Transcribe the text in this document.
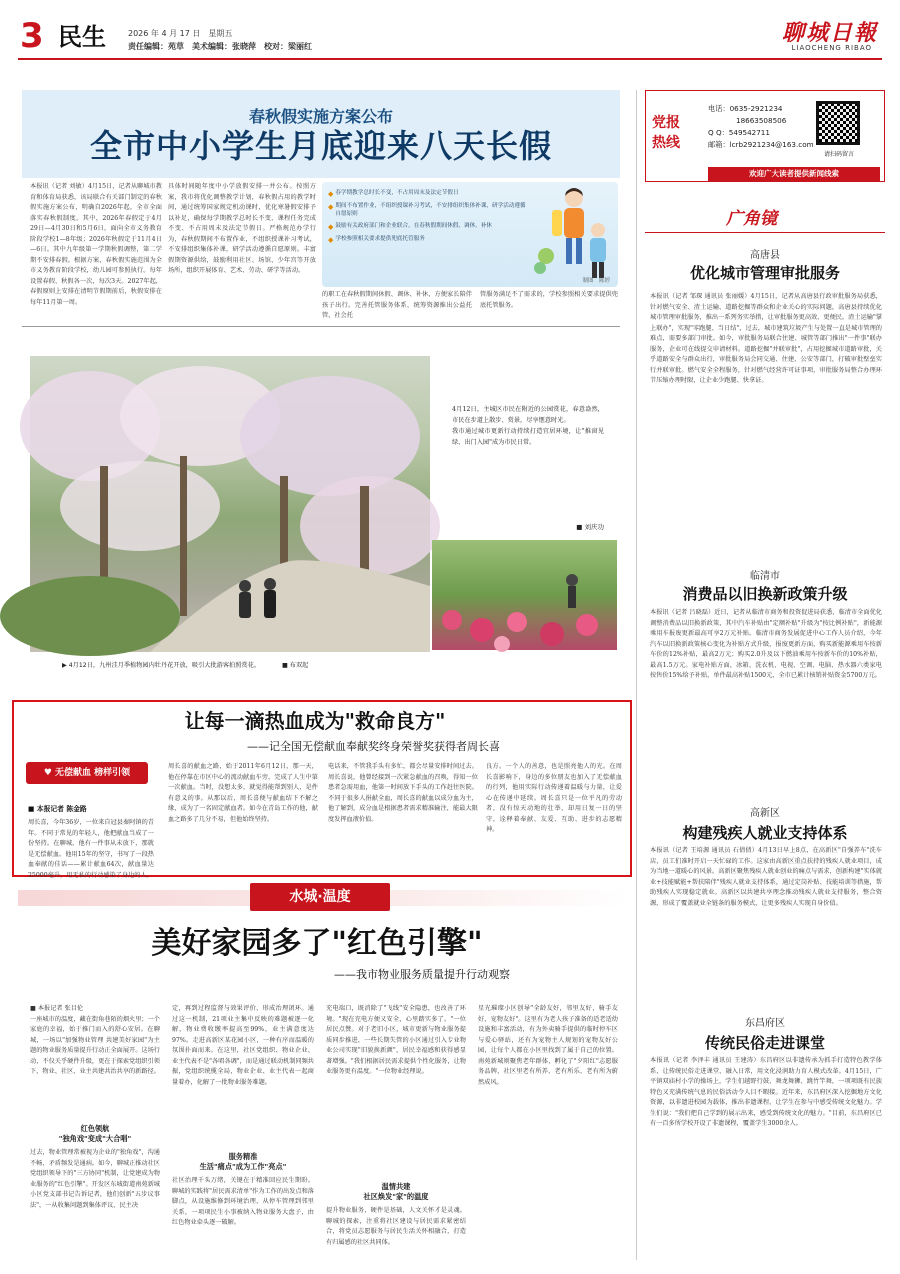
3 民生	2026 年 4 月 17 日　星期五
责任编辑：苑草　美术编辑：张晓萍　校对：梁丽红
聊城日報
LIAOCHENG RIBAO
春秋假实施方案公布
全市中小学生月底迎来八天长假
本报讯（记者 刘敏）4月15日，记者从聊城市教育和体育局获悉，该局联合有关部门制定的春秋假实施方案公布，明确自2026年起，全市全面落实春秋假制度。其中，2026年春假定于4月29日—4月30日和5月6日，面向全市义务教育阶段学校1—8年级；2026年秋假定于11月4日—6日。其中九年级第一学期秋假调整，第二学期不安排春假。根据方案，春秋假实施范围为全市义务教育阶段学校，幼儿园可参照执行。每年设置春假、秋假各一次，每次3天。2027年起，春假原则上安排在清明节假期前后，秋假安排在每年11月第一周。
具体时间随年度中小学放假安排一并公布。按照方案，我市将优化调整教学计划，春秋假占用的教学时间，通过统筹国家规定机动课时，优化寒暑假安排予以补足，确保每学期教学总时长不变、课程任务完成不变、不占用周末及法定节假日。严格规范办学行为，春秋假期间不布置作业，不组织授课补习考试，不安排组织集体补课，研学活动遵循自愿原则。丰富假期资源供给，鼓励利用社区、场馆、少年宫等开放场所，组织开展体育、艺术、劳动、研学等活动。
◆ 春学期教学总时长不变，不占用周末及法定节假日
◆ 期间不布置作业，不组织授课补习考试，不安排组织集体补课，研学活动遵循自愿原则
◆ 鼓励有关政府部门和企业联合，在春秋假期间休假、调休、补休
◆ 学校参照相关要求提供兜底托管服务
制图　陈婷
的职工在春秋假期间休假、调休、补休，方便家长陪伴孩子出行。完善托管服务体系，统筹资源推出公益托管，社会托
管服务满足不了需求的，学校参照相关要求提供兜底托管服务。
4月12日，主城区市民在附近的公园赏花，春意盎然，市民在步道上散步、赏景，尽享惬意时光。
我市通过城市更新行动持续打造宜居环境，让"推窗见绿、出门入园"成为市民日常。
■ 刘庆功
▶ 4月12日，九州洼月季植物园内牡丹花开放，吸引大批游客拍照赏花。	■ 布双起
让每一滴热血成为"救命良方"
——记全国无偿献血奉献奖终身荣誉奖获得者周长喜
♥ 无偿献血 榜样引领
■ 本报记者 陈金路
周长喜，今年36岁，一位来自冠县秦阿镇的青年。不同于常见的年轻人，他把献血当成了一份坚持。在聊城，他有一件事从未放下，那就是无偿献血。他用15年的坚守，书写了一段热血奉献的佳话——累计献血64次，献血量达25000毫升，用无私的行动感染了身边的人。
周长喜的献血之路，始于2011年6月12日，那一天，他在停靠在市区中心的流动献血车旁，完成了人生中第一次献血。当时，没想太多，就觉得能帮到别人，是件有意义的事。从那以后，周长喜便与献血结下不解之缘，成为了一名固定献血者。如今在青岛工作的他，献血之路多了几分不易，但他始终坚持。
电话来，不管我手头有多忙，都会尽量安排时间过去。周长喜说，他曾经接到一次紧急献血的召唤，得知一位患者急需用血，他第一时间放下手头的工作赶往医院。不同于很多人捐献全血，周长喜的献血以成分血为主，他了解到，成分血是根据患者需求精准输注，能最大限度发挥血液价值。
良方。一个人的善意，也是照亮他人的光。在周长喜影响下，身边的多位朋友也加入了无偿献血的行列，他用实际行动传递着温暖与力量，让爱心在传递中延续。周长喜只是一位平凡的劳动者，没有惊天动地的壮举，却用日复一日的坚守，诠释着奉献、友爱、互助、进步的志愿精神。
水城·温度
美好家园多了"红色引擎"
——我市物业服务质量提升行动观察
■ 本报记者 张目伦
一座城市的温度，藏在街角巷陌的烟火里；一个家庭的幸福，始于推门而入的舒心安居。在聊城，一场以"加强物业管理 共建美好家园"为主题的物业服务质量提升行动正全面展开。这场行动，不仅关乎硬件升级，更在于探索党组织引领下，物业、社区、业主共建共治共享的新路径。
红色领航
"独角戏"变成"大合唱"
过去，物业管理常被视为企业的"独角戏"，沟通不畅、矛盾频发是通病。如今，聊城正推动社区党组织领导下的"三方协同"机制，让党建成为物业服务的"红色引擎"。开发区东城街道南苑新城小区党支部书记告诉记者，他们创新"五步议事法"，一从收集问题到集体评议、民主决
定，再到过程监督与效果评价，形成治理闭环。通过这一机制，21项业主集中反映的难题被逐一化解，物业费收缴率提高至99%，业主满意度达97%。走进高新区某花园小区，一种有序而温暖的氛围扑面而来。在这里，社区党组织、物业企业、业主代表不是"各唱各调"，而是通过联动机制同频共振，党组织统揽全局，物业企业、业主代表一起商量着办，化解了一批物业服务难题。
服务精准
生活"痛点"成为工作"亮点"
社区治理千头万绪，关键在于精准回应民生期盼。聊城的实践将"居民需求清单"作为工作的出发点和落脚点，从设施维修到环境治理，从停车管理到邻里关系，一项项民生小事被纳入物业服务大盘子，由红色物业牵头逐一破解。
充电端口，既消除了"飞线"安全隐患，也改善了环境。"现在充电方便又安全，心里踏实多了。"一位居民点赞。对于老旧小区，城市更新与物业服务提质同步推进，一些长期失管的小区通过引入专业物业公司实现"旧貌换新颜"，居民幸福感和获得感显著增强。"我们根据居民需求提供个性化服务，让物业服务更有温度。"一位物业经理说。
温情共建
社区焕发"家"的温度
提升物业服务，硬件是基础，人文关怀才是灵魂。聊城的探索，注重将社区建设与居民需求紧密结合，将党员志愿服务与居民生活关怀相融合，打造有归属感的社区共同体。
星光璀璨小区创导"全龄友好，邻里友好，骑手友好，宠物友好"。这里有为老人孩子准备的适老适幼设施和丰富活动，有为外卖骑手提供的临时停车区与爱心驿站，还有为宠物主人规划的宠物友好公园，让每个人都在小区里找到了属于自己的位置。南苑新城则聚焦老年群体，孵化了"夕阳红"志愿服务品牌，社区里老有所养、老有所乐、老有所为蔚然成风。
党报
热线
电话：0635-2921234
18663508506
Q Q：549542711
邮箱：lcrb2921234@163.com
请扫码留言
欢迎广大读者提供新闻线索
广角镜
高唐县
优化城市管理审批服务
本报讯（记者 邹琛 通讯员 张丽媛）4月15日，记者从高唐县行政审批服务局获悉，针对燃气安全、渣土运输、道路挖掘等群众和企业关心的实际问题，高唐县持续优化城市管理审批服务，推出一系列务实举措，让审批服务更高效、更便民。渣土运输"掌上联办"，实现"零跑腿、当日结"，过去，城市建筑垃圾产生与处置一直是城市管理的难点，需要多部门审批。如今，审批服务局联合住建、城管等部门推出"一件事"联办服务，企业可在线提交申请材料。道路挖掘"并联审批"，占用挖掘城市道路审批，关乎道路安全与群众出行，审批服务局会同交通、住建、公安等部门，打破审批壁垒实行并联审批。燃气安全全程服务，针对燃气经营许可证事项，审批服务局整合办理环节压缩办理时限，让企业少跑腿、快拿证。
临清市
消费品以旧换新政策升级
本报讯（记者 吕晓磊）近日，记者从临清市商务和投资促进局获悉，临清市全面优化调整消费品以旧换新政策，其中汽车补贴由"定额补贴"升级为"按比例补贴"，新能源乘用车报废更新最高可享2万元补贴。临清市商务发展促进中心工作人员介绍，今年汽车以旧换新政策核心变化为补贴方式升级，报废更新方面，购买新能源乘用车按新车价的12%补贴，最高2万元；购买2.0升及以下燃油乘用车按新车价的10%补贴，最高1.5万元。家电补贴方面，冰箱、洗衣机、电视、空调、电脑、热水器六类家电按售价15%给予补贴，单件最高补贴1500元，全市已累计核销补贴资金5700万元。
高新区
构建残疾人就业支持体系
本报讯（记者 王培源 通讯员 石倩倩）4月13日早上8点，在高新区"自强养车"洗车店，员工们准时开启一天忙碌的工作。这家由高新区重点扶持的残疾人就业项目，成为当地一道暖心的风景。高新区聚焦残疾人就业创业的痛点与需求，创新构建"实体就业+技能赋能+帮扶陪伴"残疾人就业支持体系，通过定岗补贴、技能培训等措施，帮助残疾人实现稳定就业。高新区以共建共享理念推动残疾人就业支持服务，整合资源，形成了覆盖就业全链条的服务模式，让更多残疾人实现自身价值。
东昌府区
传统民俗走进课堂
本报讯（记者 李泽丰 通讯员 王建涛）东昌府区以非遗传承为抓手打造特色教学体系，让传统民俗走进课堂、融入日常，用文化浸润助力育人模式改革。4月15日，广平镇双庙村小学的操场上，学生们越野行鼓、舞龙舞狮、跳竹竿舞，一项项既有民族特色又充满传统气息的民俗活动令人目不暇接。近年来，东昌府区深入挖掘地方文化资源，以非遗进校园为载体，推出非遗课程，让学生在参与中感受传统文化魅力。学生们说："我们把自己学到的展示出来，感受到传统文化的魅力。"目前，东昌府区已有一百多所学校开设了非遗课程，覆盖学生3000余人。
